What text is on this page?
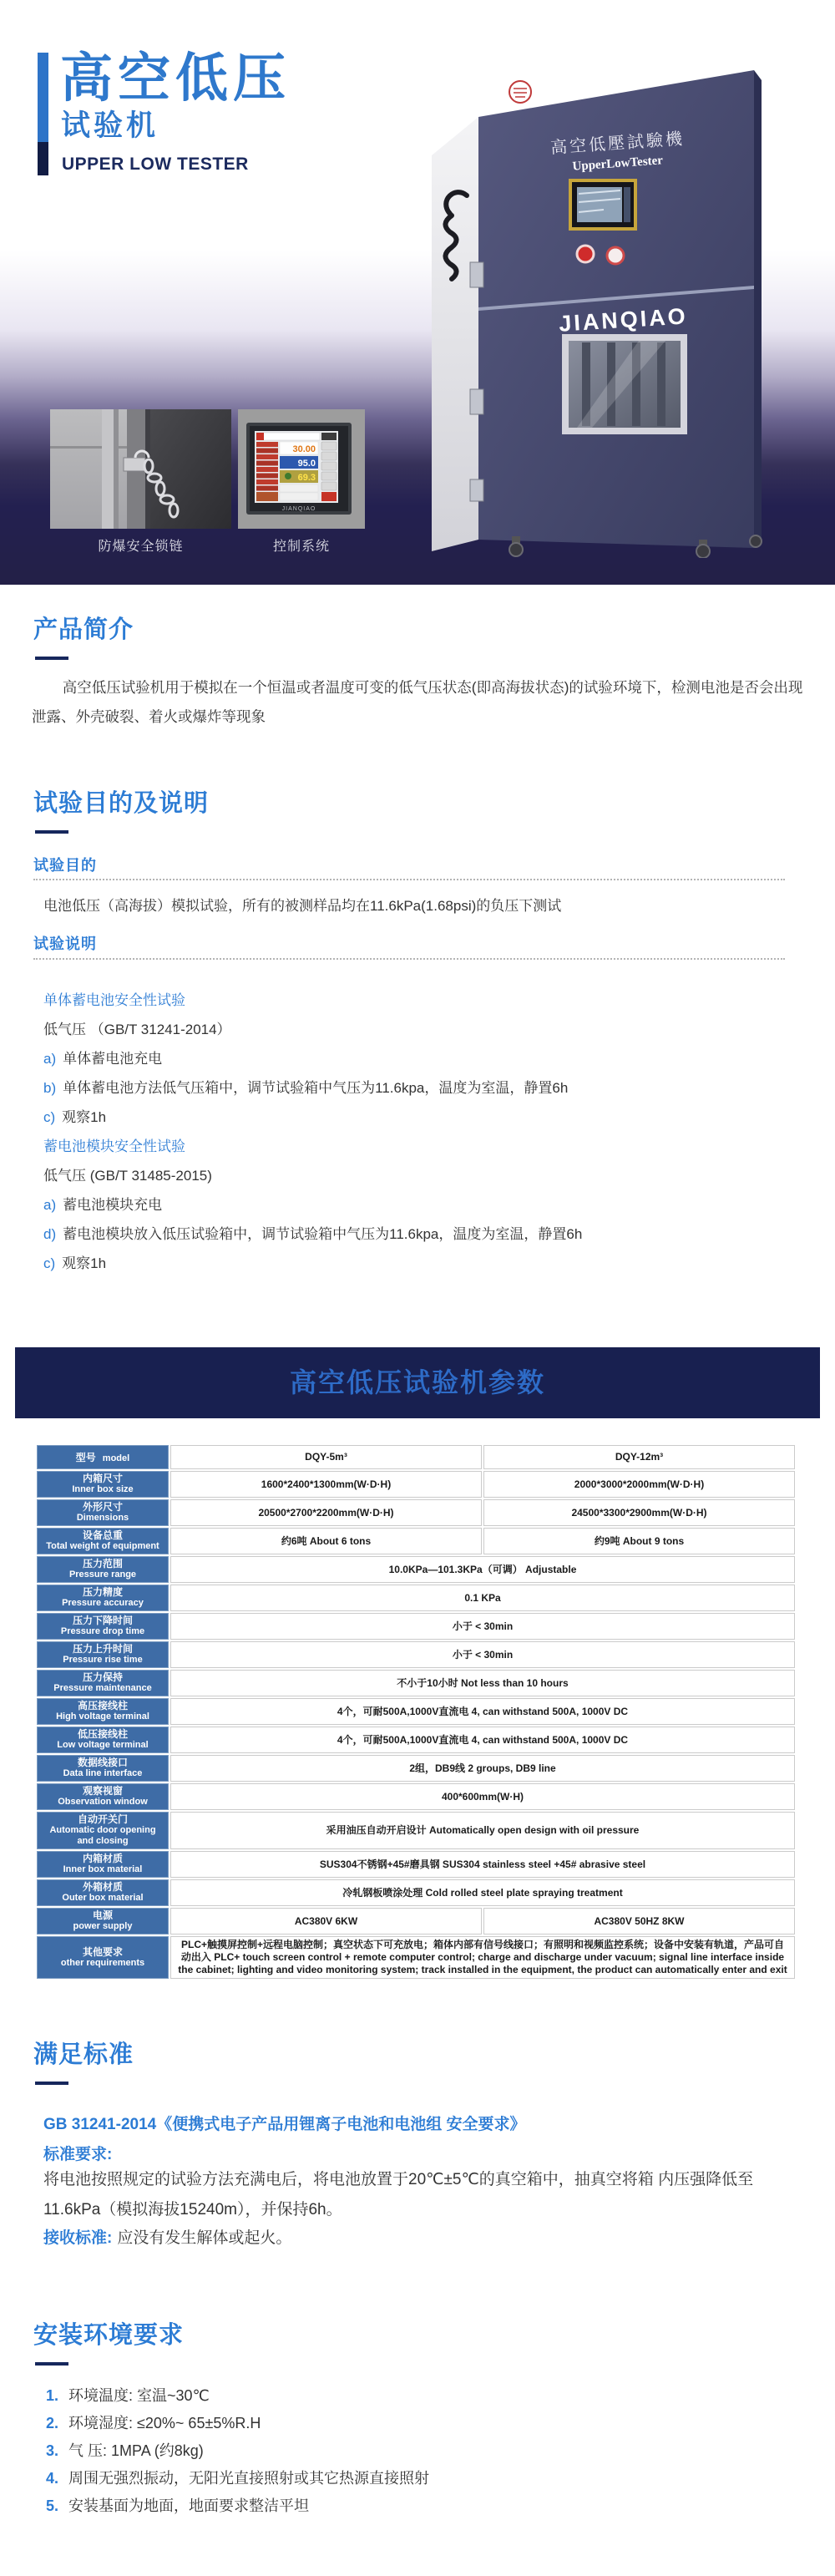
高空低压
试验机
UPPER LOW TESTER
高空低壓試驗機
UpperLowTester
JIANQIAO
30.00
95.0
69.3
JIANQIAO
防爆安全锁链	控制系统
产品简介
高空低压试验机用于模拟在一个恒温或者温度可变的低气压状态(即高海拔状态)的试验环境下，检测电池是否会出现泄露、外壳破裂、着火或爆炸等现象
试验目的及说明
试验目的
电池低压（高海拔）模拟试验，所有的被测样品均在11.6kPa(1.68psi)的负压下测试
试验说明
单体蓄电池安全性试验
低气压 （GB/T 31241-2014）
a) 单体蓄电池充电
b) 单体蓄电池方法低气压箱中，调节试验箱中气压为11.6kpa，温度为室温，静置6h
c) 观察1h
蓄电池模块安全性试验
低气压 (GB/T 31485-2015)
a) 蓄电池模块充电
d) 蓄电池模块放入低压试验箱中，调节试验箱中气压为11.6kpa，温度为室温，静置6h
c) 观察1h
高空低压试验机参数
型号 model	DQY-5m³	DQY-12m³

内箱尺寸
Inner box size	1600*2400*1300mm(W·D·H)	2000*3000*2000mm(W·D·H)

外形尺寸
Dimensions	20500*2700*2200mm(W·D·H)	24500*3300*2900mm(W·D·H)

设备总重
Total weight of equipment	约6吨 About 6 tons	约9吨 About 9 tons

压力范围
Pressure range	10.0KPa—101.3KPa（可调） Adjustable	

压力精度
Pressure accuracy	0.1 KPa	

压力下降时间
Pressure drop time	小于 < 30min	

压力上升时间
Pressure rise time	小于 < 30min	

压力保持
Pressure maintenance	不小于10小时 Not less than 10 hours	

高压接线柱
High voltage terminal	4个，可耐500A,1000V直流电 4, can withstand 500A, 1000V DC	

低压接线柱
Low voltage terminal	4个，可耐500A,1000V直流电 4, can withstand 500A, 1000V DC	

数据线接口
Data line interface	2组，DB9线 2 groups, DB9 line	

观察视窗
Observation window	400*600mm(W·H)	

自动开关门
Automatic door opening and closing	采用油压自动开启设计 Automatically open design with oil pressure	

内箱材质
Inner box material	SUS304不锈钢+45#磨具钢 SUS304 stainless steel +45# abrasive steel	

外箱材质
Outer box material	冷轧钢板喷涂处理 Cold rolled steel plate spraying treatment	

电源
power supply	AC380V 6KW	AC380V 50HZ 8KW

其他要求
other requirements	PLC+触摸屏控制+远程电脑控制；真空状态下可充放电；箱体内部有信号线接口；有照明和视频监控系统；设备中安装有轨道，产品可自动出入 PLC+ touch screen control + remote computer control; charge and discharge under vacuum; signal line interface inside the cabinet; lighting and video monitoring system; track installed in the equipment, the product can automatically enter and exit	
满足标准
GB 31241-2014《便携式电子产品用锂离子电池和电池组 安全要求》
标准要求:
将电池按照规定的试验方法充满电后，将电池放置于20℃±5℃的真空箱中，抽真空将箱 内压强降低至11.6kPa（模拟海拔15240m），并保持6h。
接收标准: 应没有发生解体或起火。
安装环境要求
1. 环境温度: 室温~30℃
2. 环境湿度: ≤20%~ 65±5%R.H
3. 气 压: 1MPA (约8kg)
4. 周围无强烈振动，无阳光直接照射或其它热源直接照射
5. 安装基面为地面，地面要求整洁平坦
